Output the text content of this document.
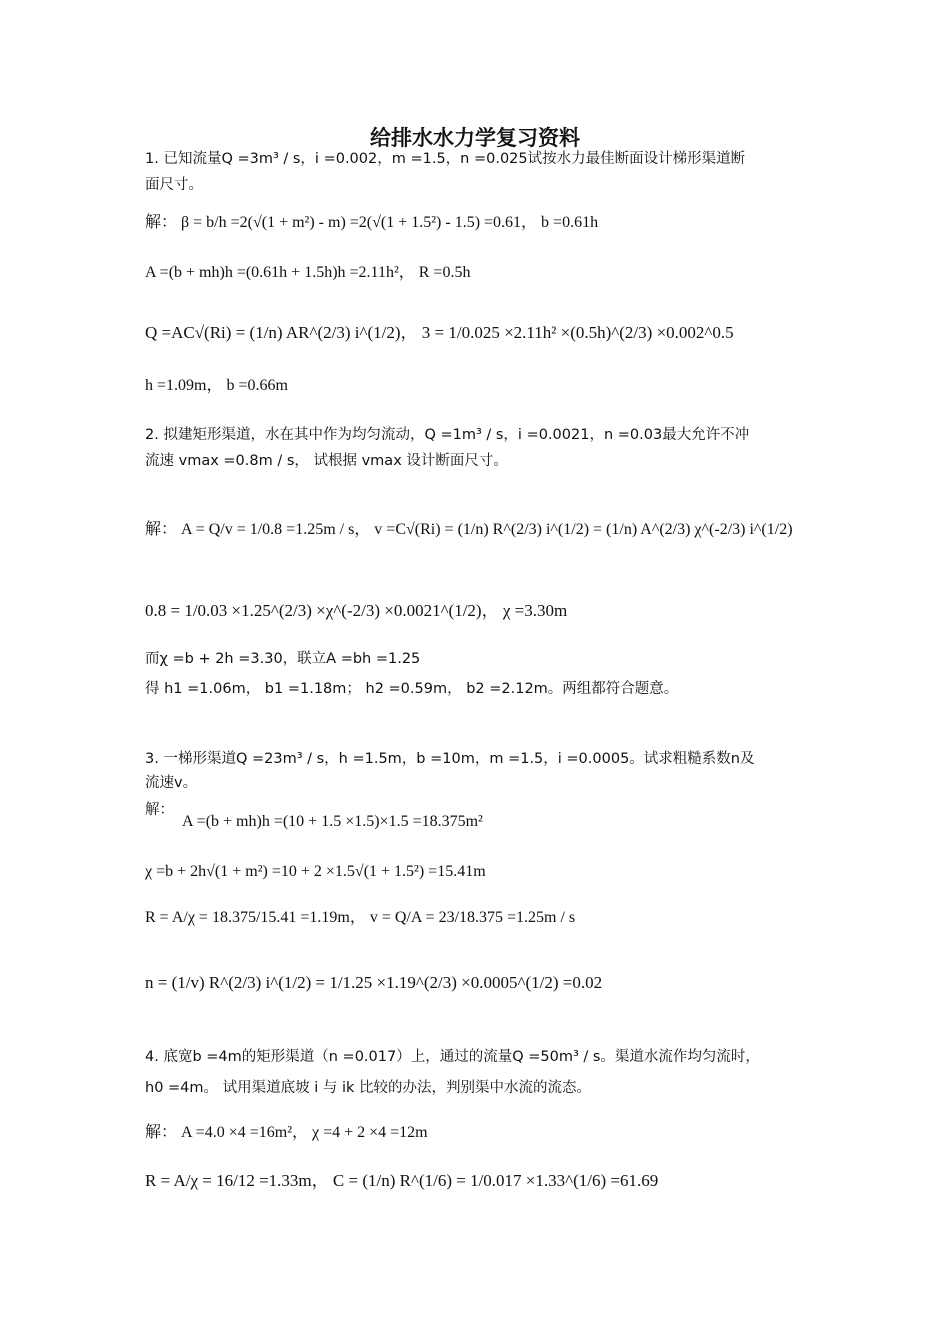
给排水水力学复习资料
1. 已知流量Q =3m³ / s，i =0.002，m =1.5，n =0.025试按水力最佳断面设计梯形渠道断
面尺寸。
解： β = b/h =2(√(1 + m²) - m) =2(√(1 + 1.5²) - 1.5) =0.61， b =0.61h
A =(b + mh)h =(0.61h + 1.5h)h =2.11h²， R =0.5h
Q =AC√(Ri) = (1/n) AR^(2/3) i^(1/2)， 3 = 1/0.025 ×2.11h² ×(0.5h)^(2/3) ×0.002^0.5
h =1.09m， b =0.66m
2. 拟建矩形渠道，水在其中作为均匀流动，Q =1m³ / s，i =0.0021，n =0.03最大允许不冲
流速 vmax =0.8m / s， 试根据 vmax 设计断面尺寸。
解： A = Q/v = 1/0.8 =1.25m / s， v =C√(Ri) = (1/n) R^(2/3) i^(1/2) = (1/n) A^(2/3) χ^(-2/3) i^(1/2)
0.8 = 1/0.03 ×1.25^(2/3) ×χ^(-2/3) ×0.0021^(1/2)， χ =3.30m
而χ =b + 2h =3.30，联立A =bh =1.25
得 h1 =1.06m， b1 =1.18m； h2 =0.59m， b2 =2.12m。两组都符合题意。
3. 一梯形渠道Q =23m³ / s，h =1.5m，b =10m，m =1.5，i =0.0005。试求粗糙系数n及
流速v。
解：
A =(b + mh)h =(10 + 1.5 ×1.5)×1.5 =18.375m²
χ =b + 2h√(1 + m²) =10 + 2 ×1.5√(1 + 1.5²) =15.41m
R = A/χ = 18.375/15.41 =1.19m， v = Q/A = 23/18.375 =1.25m / s
n = (1/v) R^(2/3) i^(1/2) = 1/1.25 ×1.19^(2/3) ×0.0005^(1/2) =0.02
4. 底宽b =4m的矩形渠道（n =0.017）上，通过的流量Q =50m³ / s。渠道水流作均匀流时，
h0 =4m。 试用渠道底坡 i 与 ik 比较的办法，判别渠中水流的流态。
解： A =4.0 ×4 =16m²， χ =4 + 2 ×4 =12m
R = A/χ = 16/12 =1.33m， C = (1/n) R^(1/6) = 1/0.017 ×1.33^(1/6) =61.69
